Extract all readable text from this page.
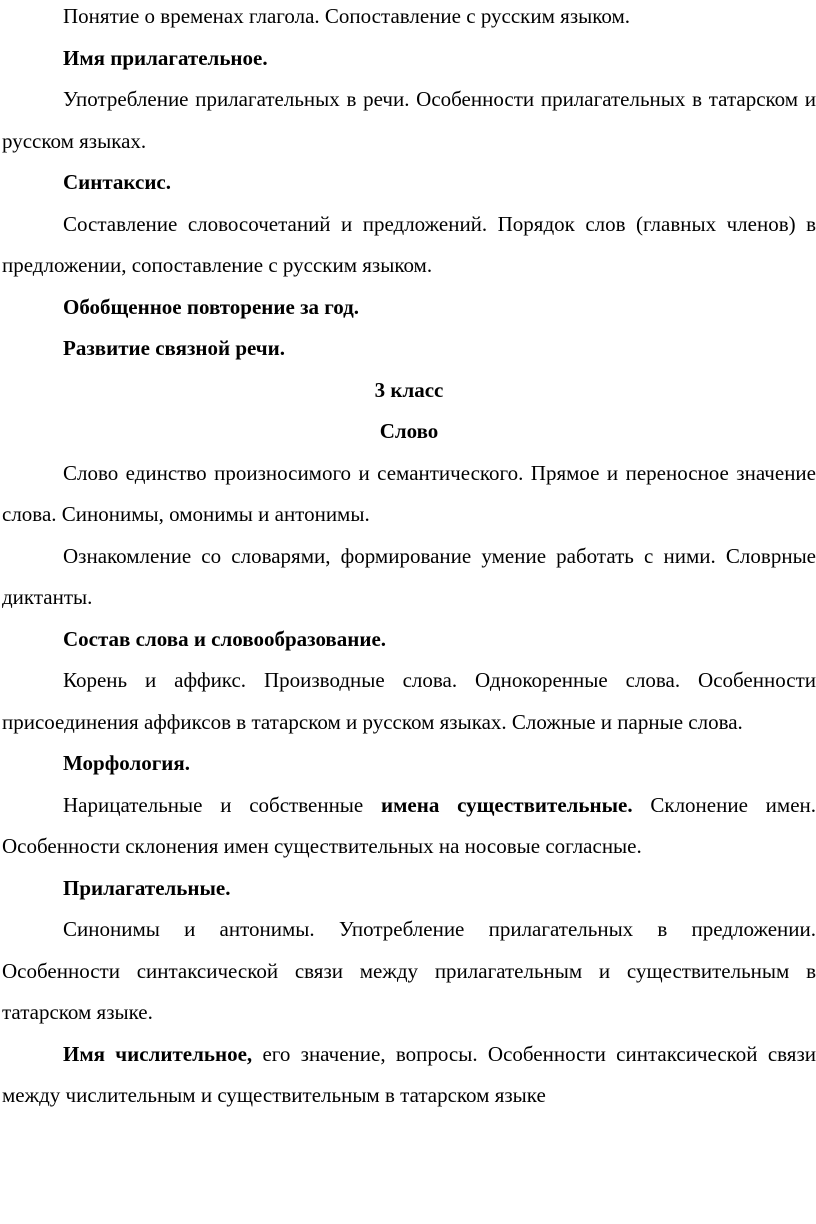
Понятие о временах глагола. Сопоставление с русским языком.

Имя прилагательное.

Употребление прилагательных в речи. Особенности прилагательных в татарском и русском языках.

Синтаксис.

Составление словосочетаний и предложений. Порядок слов (главных членов) в предложении, сопоставление с русским языком.

Обобщенное повторение за год.

Развитие связной речи.

3 класс

Слово

Слово единство произносимого и семантического. Прямое и переносное значение слова. Синонимы, омонимы и антонимы.

Ознакомление со словарями, формирование умение работать с ними. Словрные диктанты.

Состав слова и словообразование.

Корень и аффикс. Производные слова. Однокоренные слова. Особенности присоединения аффиксов в татарском и русском языках. Сложные и парные слова.

Морфология.

Нарицательные и собственные имена существительные. Склонение имен. Особенности склонения имен существительных на носовые согласные.

Прилагательные.

Синонимы и антонимы. Употребление прилагательных в предложении. Особенности синтаксической связи между прилагательным и существительным в татарском языке.

Имя числительное, его значение, вопросы. Особенности синтаксической связи между числительным и существительным в татарском языке
